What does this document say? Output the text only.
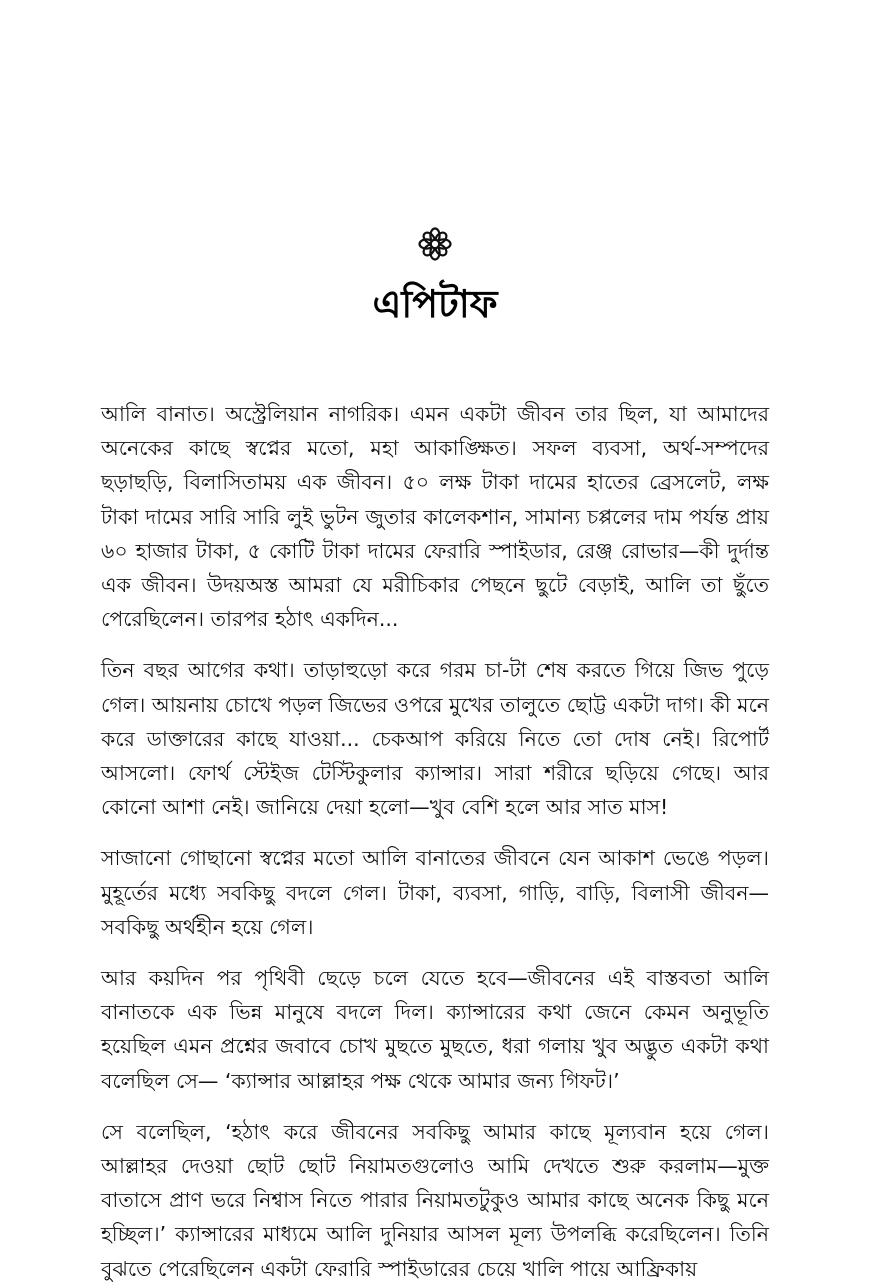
এপিটাফ

আলি বানাত। অস্ট্রেলিয়ান নাগরিক। এমন একটা জীবন তার ছিল, যা আমাদের অনেকের কাছে স্বপ্নের মতো, মহা আকাঙ্ক্ষিত। সফল ব্যবসা, অর্থ-সম্পদের ছড়াছড়ি, বিলাসিতাময় এক জীবন। ৫০ লক্ষ টাকা দামের হাতের ব্রেসলেট, লক্ষ টাকা দামের সারি সারি লুই ভুটন জুতার কালেকশান, সামান্য চপ্পলের দাম পর্যন্ত প্রায় ৬০ হাজার টাকা, ৫ কোটি টাকা দামের ফেরারি স্পাইডার, রেঞ্জ রোভার—কী দুর্দান্ত এক জীবন। উদয়অস্ত আমরা যে মরীচিকার পেছনে ছুটে বেড়াই, আলি তা ছুঁতে পেরেছিলেন। তারপর হঠাৎ একদিন...

তিন বছর আগের কথা। তাড়াহুড়ো করে গরম চা-টা শেষ করতে গিয়ে জিভ পুড়ে গেল। আয়নায় চোখে পড়ল জিভের ওপরে মুখের তালুতে ছোট্ট একটা দাগ। কী মনে করে ডাক্তারের কাছে যাওয়া... চেকআপ করিয়ে নিতে তো দোষ নেই। রিপোর্ট আসলো। ফোর্থ স্টেইজ টেস্টিকুলার ক্যান্সার। সারা শরীরে ছড়িয়ে গেছে। আর কোনো আশা নেই। জানিয়ে দেয়া হলো—খুব বেশি হলে আর সাত মাস!

সাজানো গোছানো স্বপ্নের মতো আলি বানাতের জীবনে যেন আকাশ ভেঙে পড়ল। মুহূর্তের মধ্যে সবকিছু বদলে গেল। টাকা, ব্যবসা, গাড়ি, বাড়ি, বিলাসী জীবন—সবকিছু অর্থহীন হয়ে গেল।

আর কয়দিন পর পৃথিবী ছেড়ে চলে যেতে হবে—জীবনের এই বাস্তবতা আলি বানাতকে এক ভিন্ন মানুষে বদলে দিল। ক্যান্সারের কথা জেনে কেমন অনুভূতি হয়েছিল এমন প্রশ্নের জবাবে চোখ মুছতে মুছতে, ধরা গলায় খুব অদ্ভুত একটা কথা বলেছিল সে— ‘ক্যান্সার আল্লাহর পক্ষ থেকে আমার জন্য গিফট।’

সে বলেছিল, ‘হঠাৎ করে জীবনের সবকিছু আমার কাছে মূল্যবান হয়ে গেল। আল্লাহর দেওয়া ছোট ছোট নিয়ামতগুলোও আমি দেখতে শুরু করলাম—মুক্ত বাতাসে প্রাণ ভরে নিশ্বাস নিতে পারার নিয়ামতটুকুও আমার কাছে অনেক কিছু মনে হচ্ছিল।’ ক্যান্সারের মাধ্যমে আলি দুনিয়ার আসল মূল্য উপলব্ধি করেছিলেন। তিনি বুঝতে পেরেছিলেন একটা ফেরারি স্পাইডারের চেয়ে খালি পায়ে আফ্রিকায়
